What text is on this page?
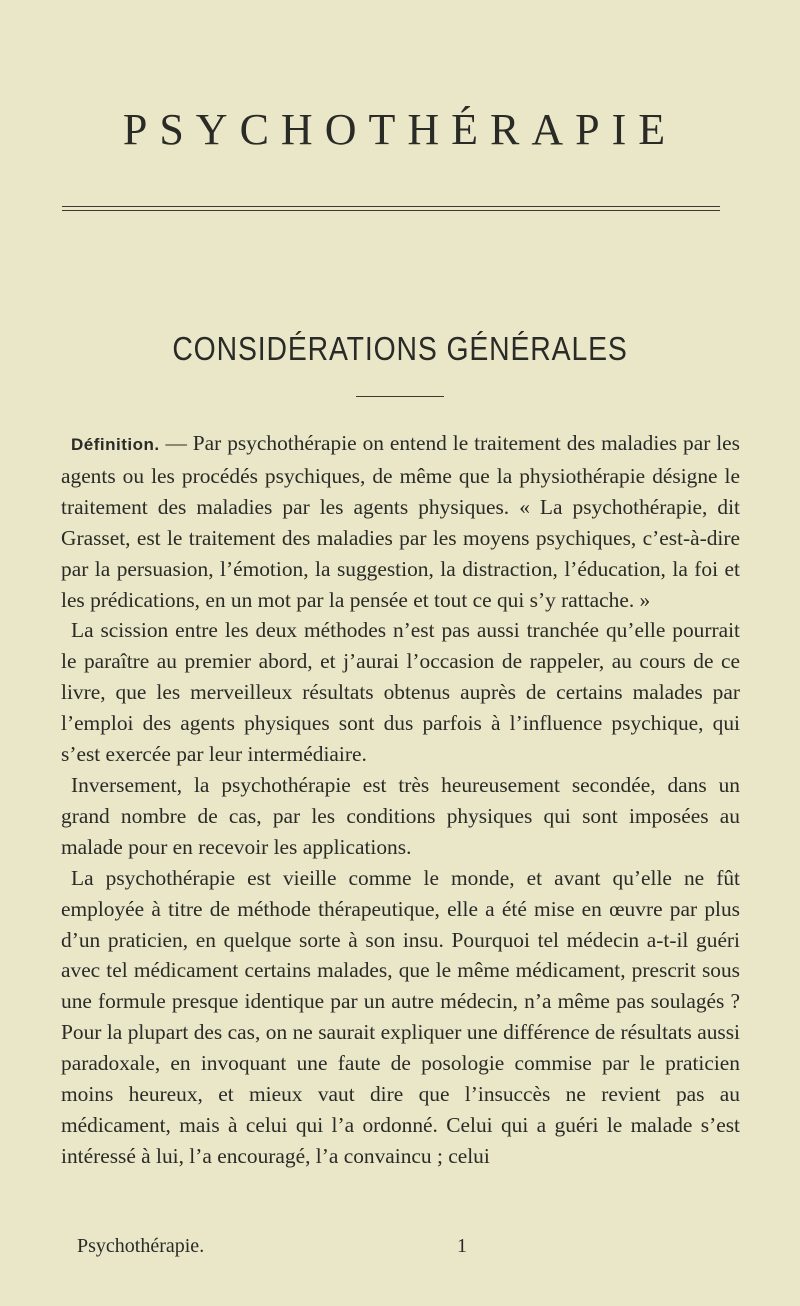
PSYCHOTHÉRAPIE
CONSIDÉRATIONS GÉNÉRALES

Définition. — Par psychothérapie on entend le traitement des maladies par les agents ou les procédés psychiques, de même que la physiothérapie désigne le traitement des maladies par les agents physiques. « La psychothérapie, dit Grasset, est le traitement des maladies par les moyens psychiques, c’est-à-dire par la persuasion, l’émotion, la suggestion, la distraction, l’éducation, la foi et les prédications, en un mot par la pensée et tout ce qui s’y rattache. »

La scission entre les deux méthodes n’est pas aussi tranchée qu’elle pourrait le paraître au premier abord, et j’aurai l’occasion de rappeler, au cours de ce livre, que les merveilleux résultats obtenus auprès de certains malades par l’emploi des agents physiques sont dus parfois à l’influence psychique, qui s’est exercée par leur intermédiaire.

Inversement, la psychothérapie est très heureusement secondée, dans un grand nombre de cas, par les conditions physiques qui sont imposées au malade pour en recevoir les applications.

La psychothérapie est vieille comme le monde, et avant qu’elle ne fût employée à titre de méthode thérapeutique, elle a été mise en œuvre par plus d’un praticien, en quelque sorte à son insu. Pourquoi tel médecin a-t-il guéri avec tel médicament certains malades, que le même médicament, prescrit sous une formule presque identique par un autre médecin, n’a même pas soulagés ? Pour la plupart des cas, on ne saurait expliquer une différence de résultats aussi paradoxale, en invoquant une faute de posologie commise par le praticien moins heureux, et mieux vaut dire que l’insuccès ne revient pas au médicament, mais à celui qui l’a ordonné. Celui qui a guéri le malade s’est intéressé à lui, l’a encouragé, l’a convaincu ; celui

Psychothérapie.	1
